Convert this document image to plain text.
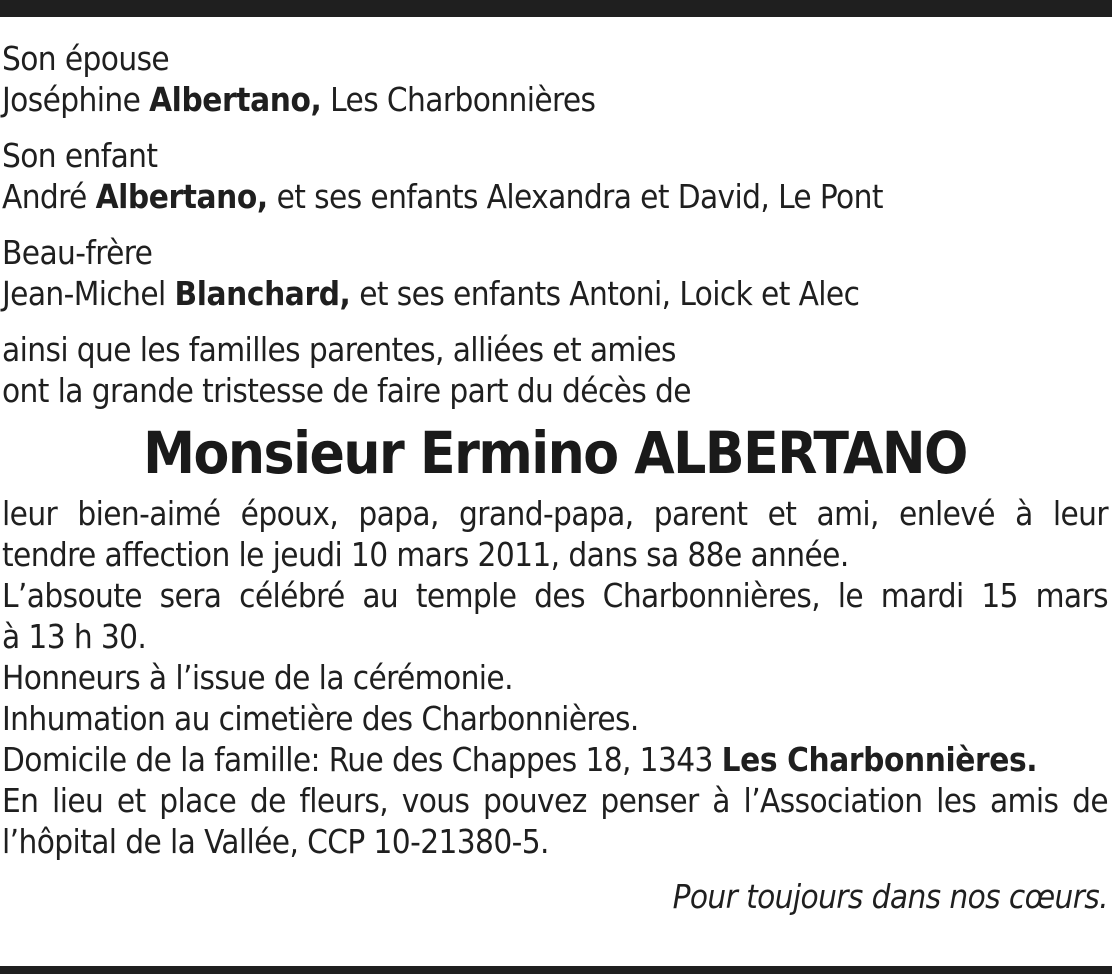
Son épouse
Joséphine Albertano, Les Charbonnières
Son enfant
André Albertano, et ses enfants Alexandra et David, Le Pont
Beau-frère
Jean-Michel Blanchard, et ses enfants Antoni, Loick et Alec
ainsi que les familles parentes, alliées et amies
ont la grande tristesse de faire part du décès de
Monsieur Ermino ALBERTANO
leur bien-aimé époux, papa, grand-papa, parent et ami, enlevé à leur
tendre affection le jeudi 10 mars 2011, dans sa 88e année.
L’absoute sera célébré au temple des Charbonnières, le mardi 15 mars
à 13 h 30.
Honneurs à l’issue de la cérémonie.
Inhumation au cimetière des Charbonnières.
Domicile de la famille: Rue des Chappes 18, 1343 Les Charbonnières.
En lieu et place de fleurs, vous pouvez penser à l’Association les amis de
l’hôpital de la Vallée, CCP 10-21380-5.
Pour toujours dans nos cœurs.
